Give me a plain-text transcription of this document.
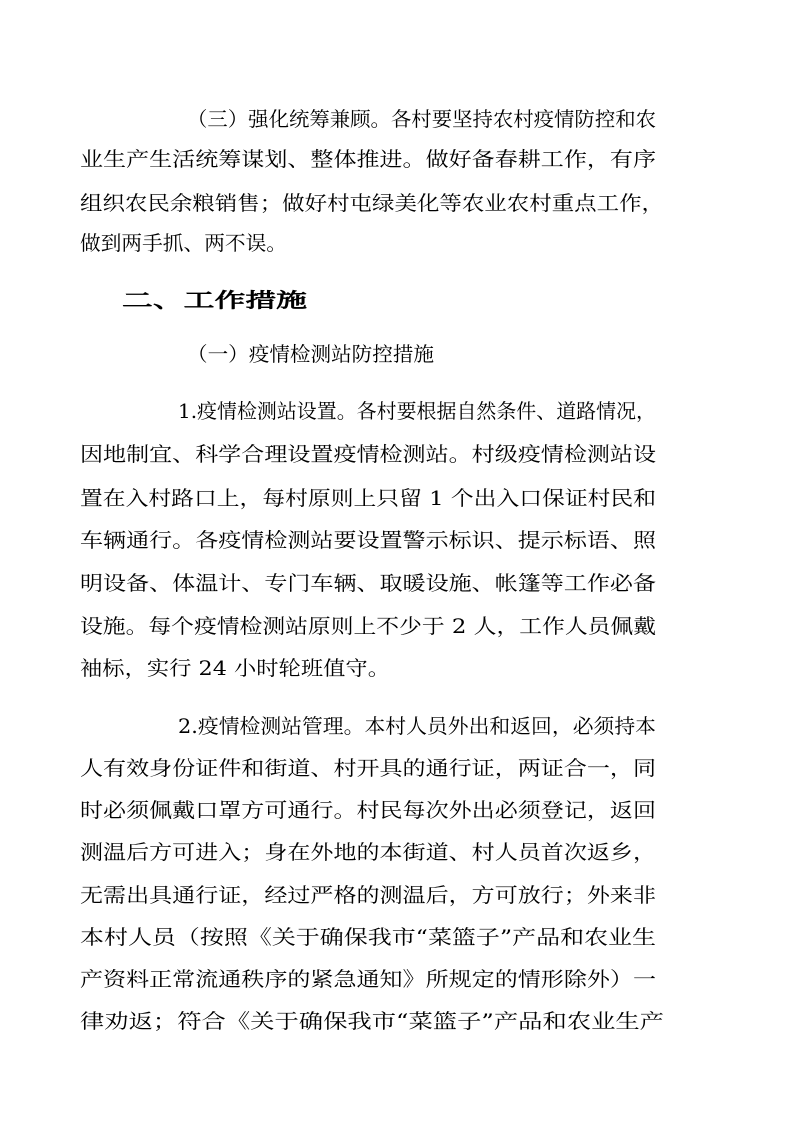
（三）强化统筹兼顾。各村要坚持农村疫情防控和农
业生产生活统筹谋划、整体推进。做好备春耕工作，有序
组织农民余粮销售；做好村屯绿美化等农业农村重点工作，
做到两手抓、两不误。
二、工作措施
（一）疫情检测站防控措施
1.疫情检测站设置。各村要根据自然条件、道路情况，
因地制宜、科学合理设置疫情检测站。村级疫情检测站设
置在入村路口上，每村原则上只留 1 个出入口保证村民和
车辆通行。各疫情检测站要设置警示标识、提示标语、照
明设备、体温计、专门车辆、取暖设施、帐篷等工作必备
设施。每个疫情检测站原则上不少于 2 人，工作人员佩戴
袖标，实行 24 小时轮班值守。
2.疫情检测站管理。本村人员外出和返回，必须持本
人有效身份证件和街道、村开具的通行证，两证合一，同
时必须佩戴口罩方可通行。村民每次外出必须登记，返回
测温后方可进入；身在外地的本街道、村人员首次返乡，
无需出具通行证，经过严格的测温后，方可放行；外来非
本村人员（按照《关于确保我市“菜篮子”产品和农业生
产资料正常流通秩序的紧急通知》所规定的情形除外）一
律劝返；符合《关于确保我市“菜篮子”产品和农业生产
